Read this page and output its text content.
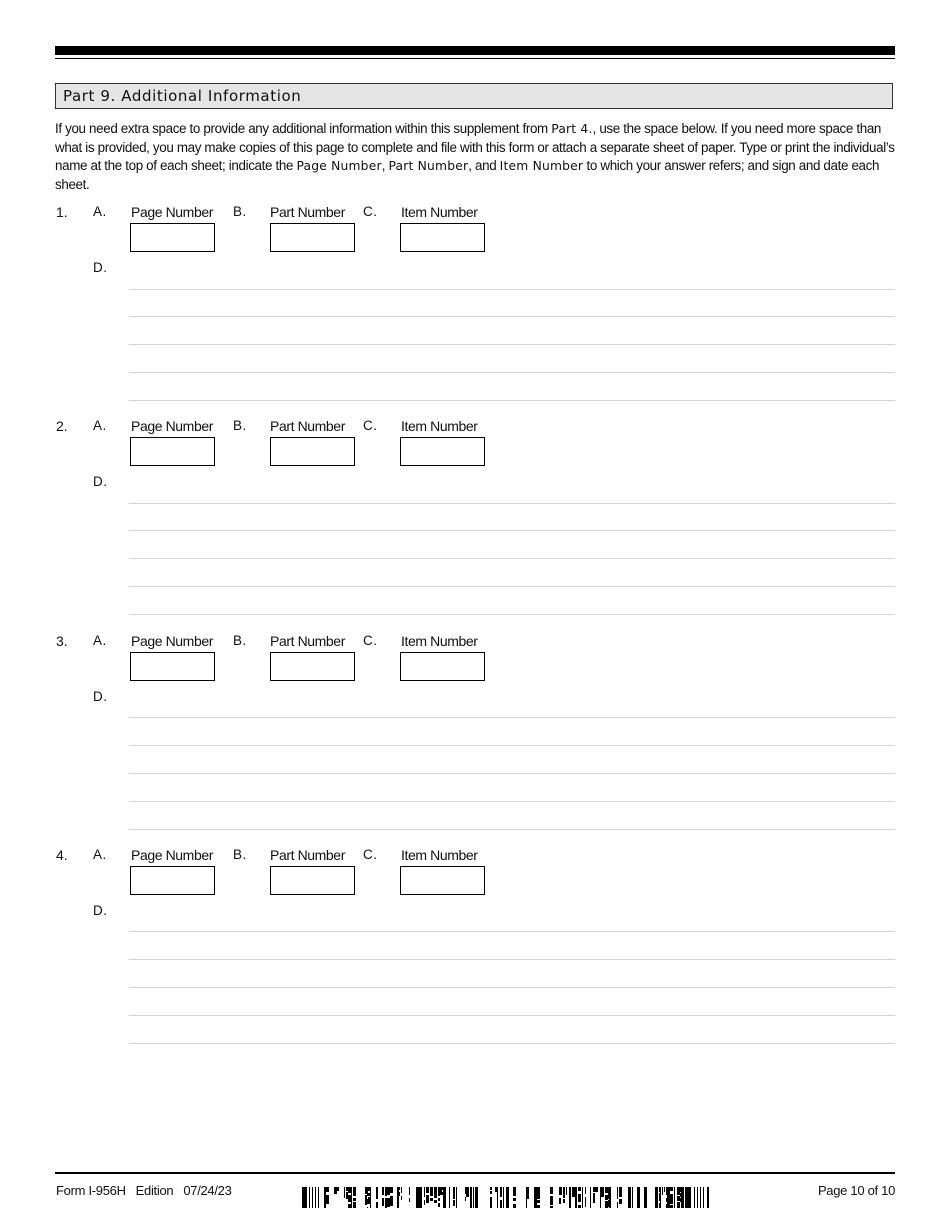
Part 9. Additional Information
If you need extra space to provide any additional information within this supplement from Part 4., use the space below. If you need more space than what is provided, you may make copies of this page to complete and file with this form or attach a separate sheet of paper. Type or print the individual’s name at the top of each sheet; indicate the Page Number, Part Number, and Item Number to which your answer refers; and sign and date each sheet.
1. A. Page Number B. Part Number C. Item Number
D.
2. A. Page Number B. Part Number C. Item Number
D.
3. A. Page Number B. Part Number C. Item Number
D.
4. A. Page Number B. Part Number C. Item Number
D.
Form I-956H Edition 07/24/23	Page 10 of 10
